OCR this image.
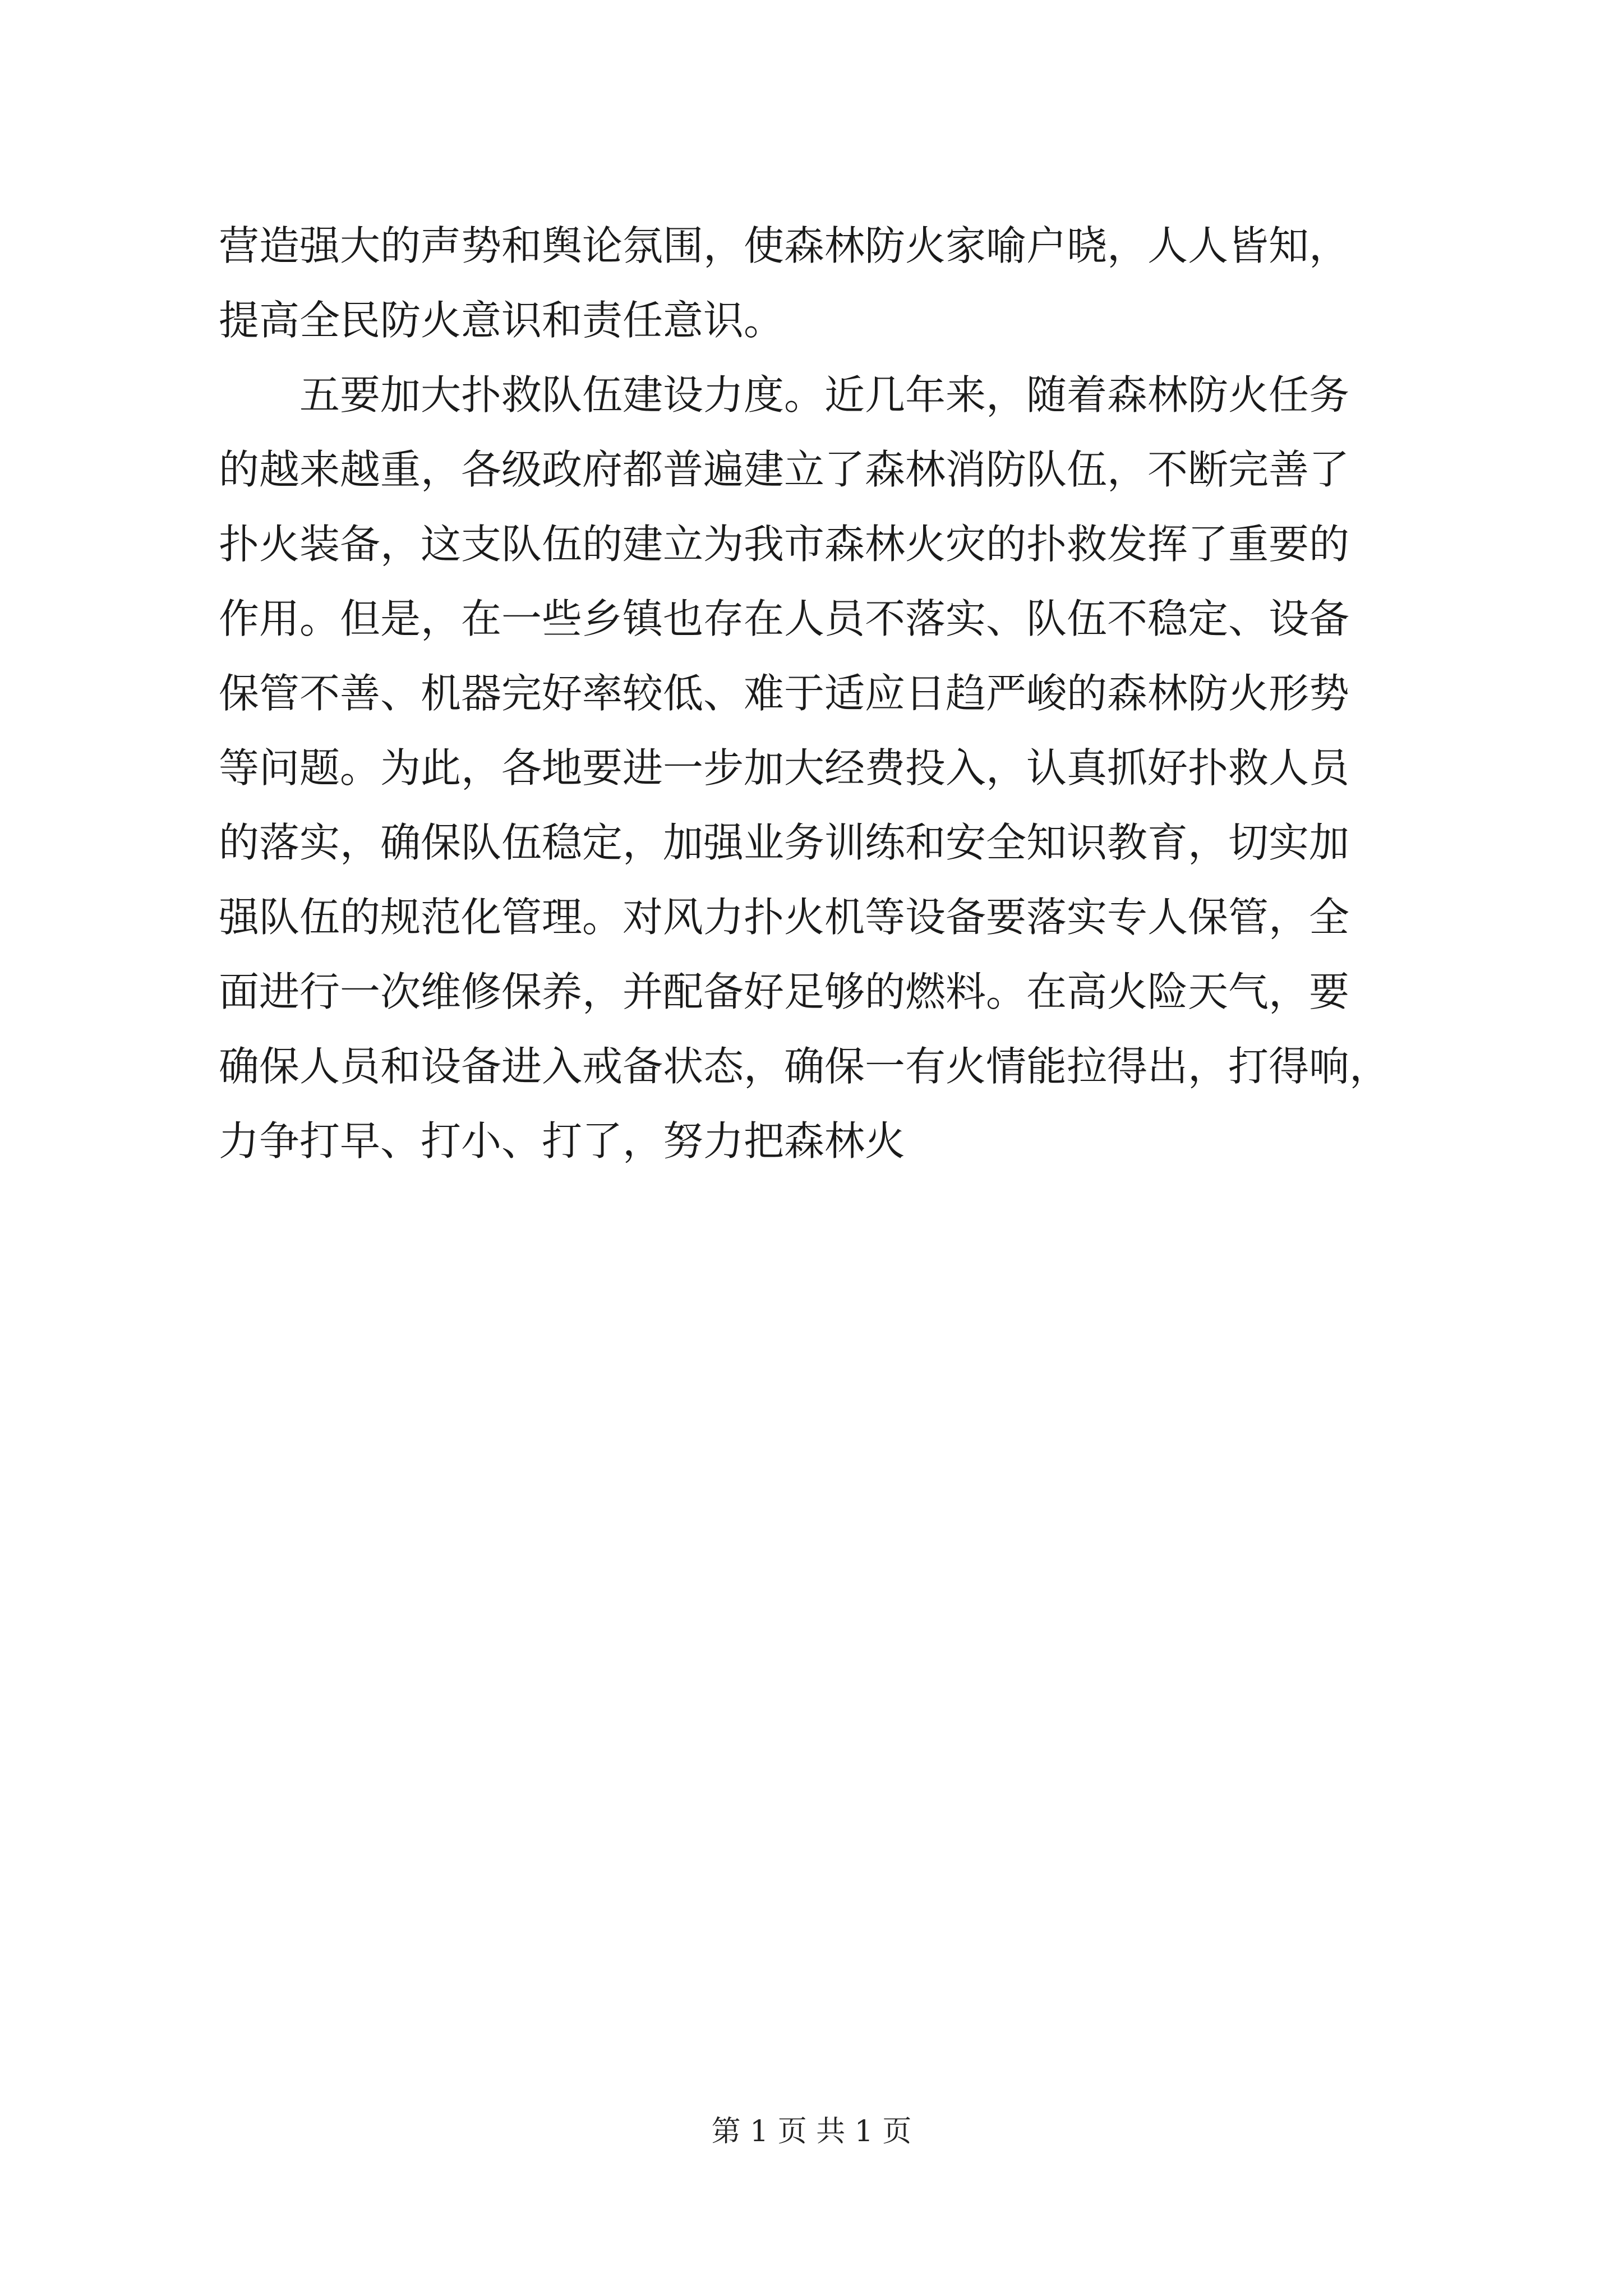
营造强大的声势和舆论氛围，使森林防火家喻户晓，人人皆知，
提高全民防火意识和责任意识。
五要加大扑救队伍建设力度。近几年来，随着森林防火任务
的越来越重，各级政府都普遍建立了森林消防队伍，不断完善了
扑火装备，这支队伍的建立为我市森林火灾的扑救发挥了重要的
作用。但是，在一些乡镇也存在人员不落实、队伍不稳定、设备
保管不善、机器完好率较低、难于适应日趋严峻的森林防火形势
等问题。为此，各地要进一步加大经费投入，认真抓好扑救人员
的落实，确保队伍稳定，加强业务训练和安全知识教育，切实加
强队伍的规范化管理。对风力扑火机等设备要落实专人保管，全
面进行一次维修保养，并配备好足够的燃料。在高火险天气，要
确保人员和设备进入戒备状态，确保一有火情能拉得出，打得响，
力争打早、打小、打了，努力把森林火
第 1 页 共 1 页
